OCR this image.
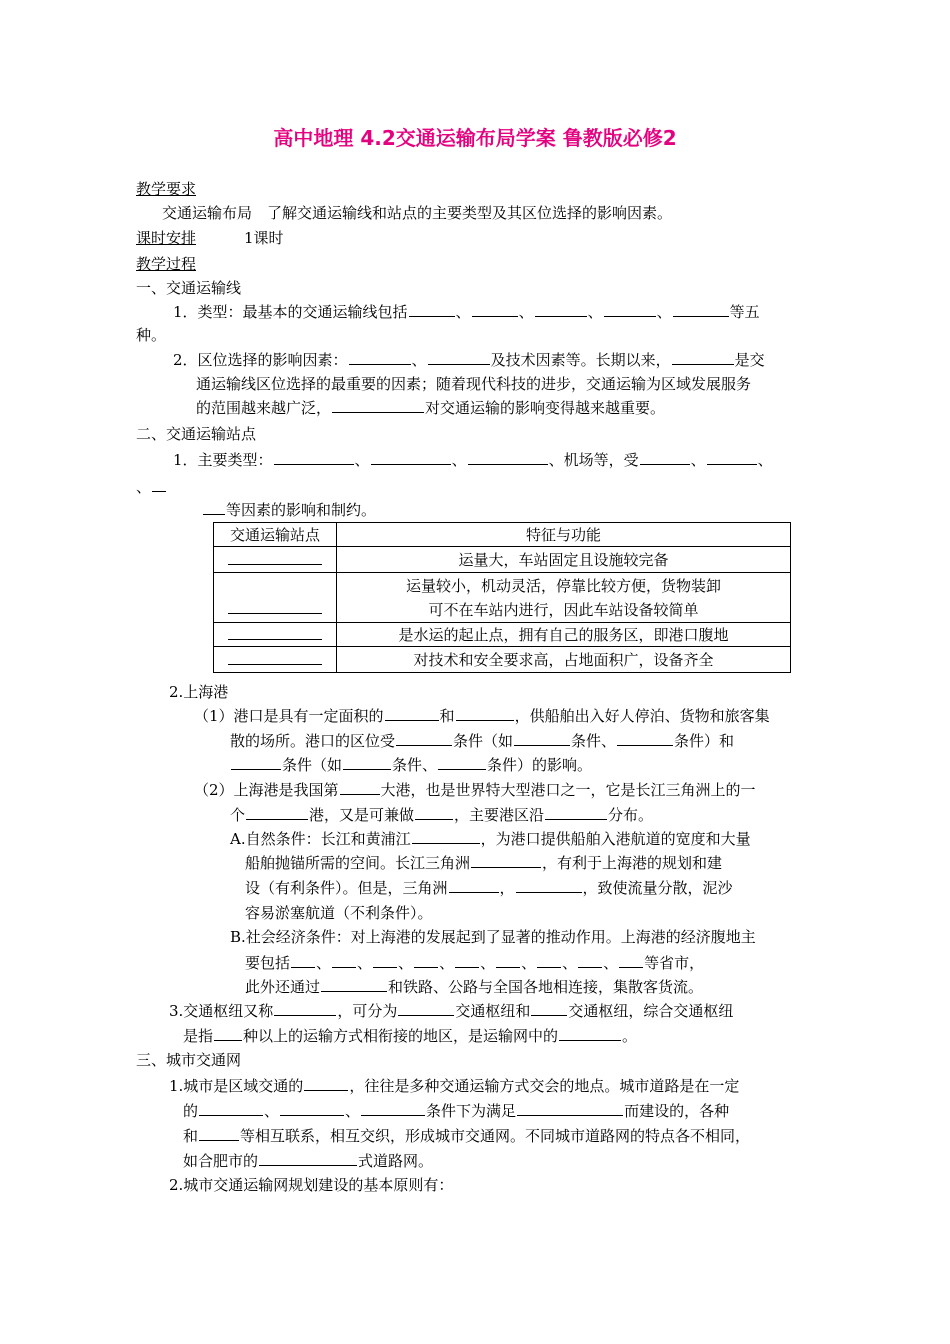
高中地理 4.2交通运输布局学案 鲁教版必修2
教学要求
交通运输布局　了解交通运输线和站点的主要类型及其区位选择的影响因素。
课时安排	1课时
教学过程
一、交通运输线
1．类型：最基本的交通运输线包括	、	、	、	、	等五
种。
2．区位选择的影响因素：	、	及技术因素等。长期以来，	是交
通运输线区位选择的最重要的因素；随着现代科技的进步，交通运输为区域发展服务
的范围越来越广泛，	对交通运输的影响变得越来越重要。
二、交通运输站点
1．主要类型：	、	、	、机场等，受	、	、
、
等因素的影响和制约。
交通运输站点	特征与功能
	运量大，车站固定且设施较完备

	运量较小，机动灵活，停靠比较方便，货物装卸
可不在车站内进行，因此车站设备较简单

	是水运的起止点，拥有自己的服务区，即港口腹地
	对技术和安全要求高，占地面积广，设备齐全
2.上海港
（1）港口是具有一定面积的	和	，供船舶出入好人停泊、货物和旅客集
散的场所。港口的区位受	条件（如	条件、	条件）和
条件（如	条件、	条件）的影响。
（2）上海港是我国第	大港，也是世界特大型港口之一，它是长江三角洲上的一
个	港，又是可兼做	，主要港区沿	分布。
A.自然条件：长江和黄浦江	，为港口提供船舶入港航道的宽度和大量
船舶抛锚所需的空间。长江三角洲	，有利于上海港的规划和建
设（有利条件）。但是，三角洲	，	，致使流量分散，泥沙
容易淤塞航道（不利条件）。
B.社会经济条件：对上海港的发展起到了显著的推动作用。上海港的经济腹地主
要包括 、 、 、 、 、 、 、 、 等省市，
此外还通过	和铁路、公路与全国各地相连接，集散客货流。
3.交通枢纽又称	，可分为	交通枢纽和	交通枢纽，综合交通枢纽
是指 种以上的运输方式相衔接的地区，是运输网中的	。
三、城市交通网
1.城市是区域交通的	，往往是多种交通运输方式交会的地点。城市道路是在一定
的	、	、	条件下为满足	而建设的，各种
和	等相互联系，相互交织，形成城市交通网。不同城市道路网的特点各不相同，
如合肥市的	式道路网。
2.城市交通运输网规划建设的基本原则有：
